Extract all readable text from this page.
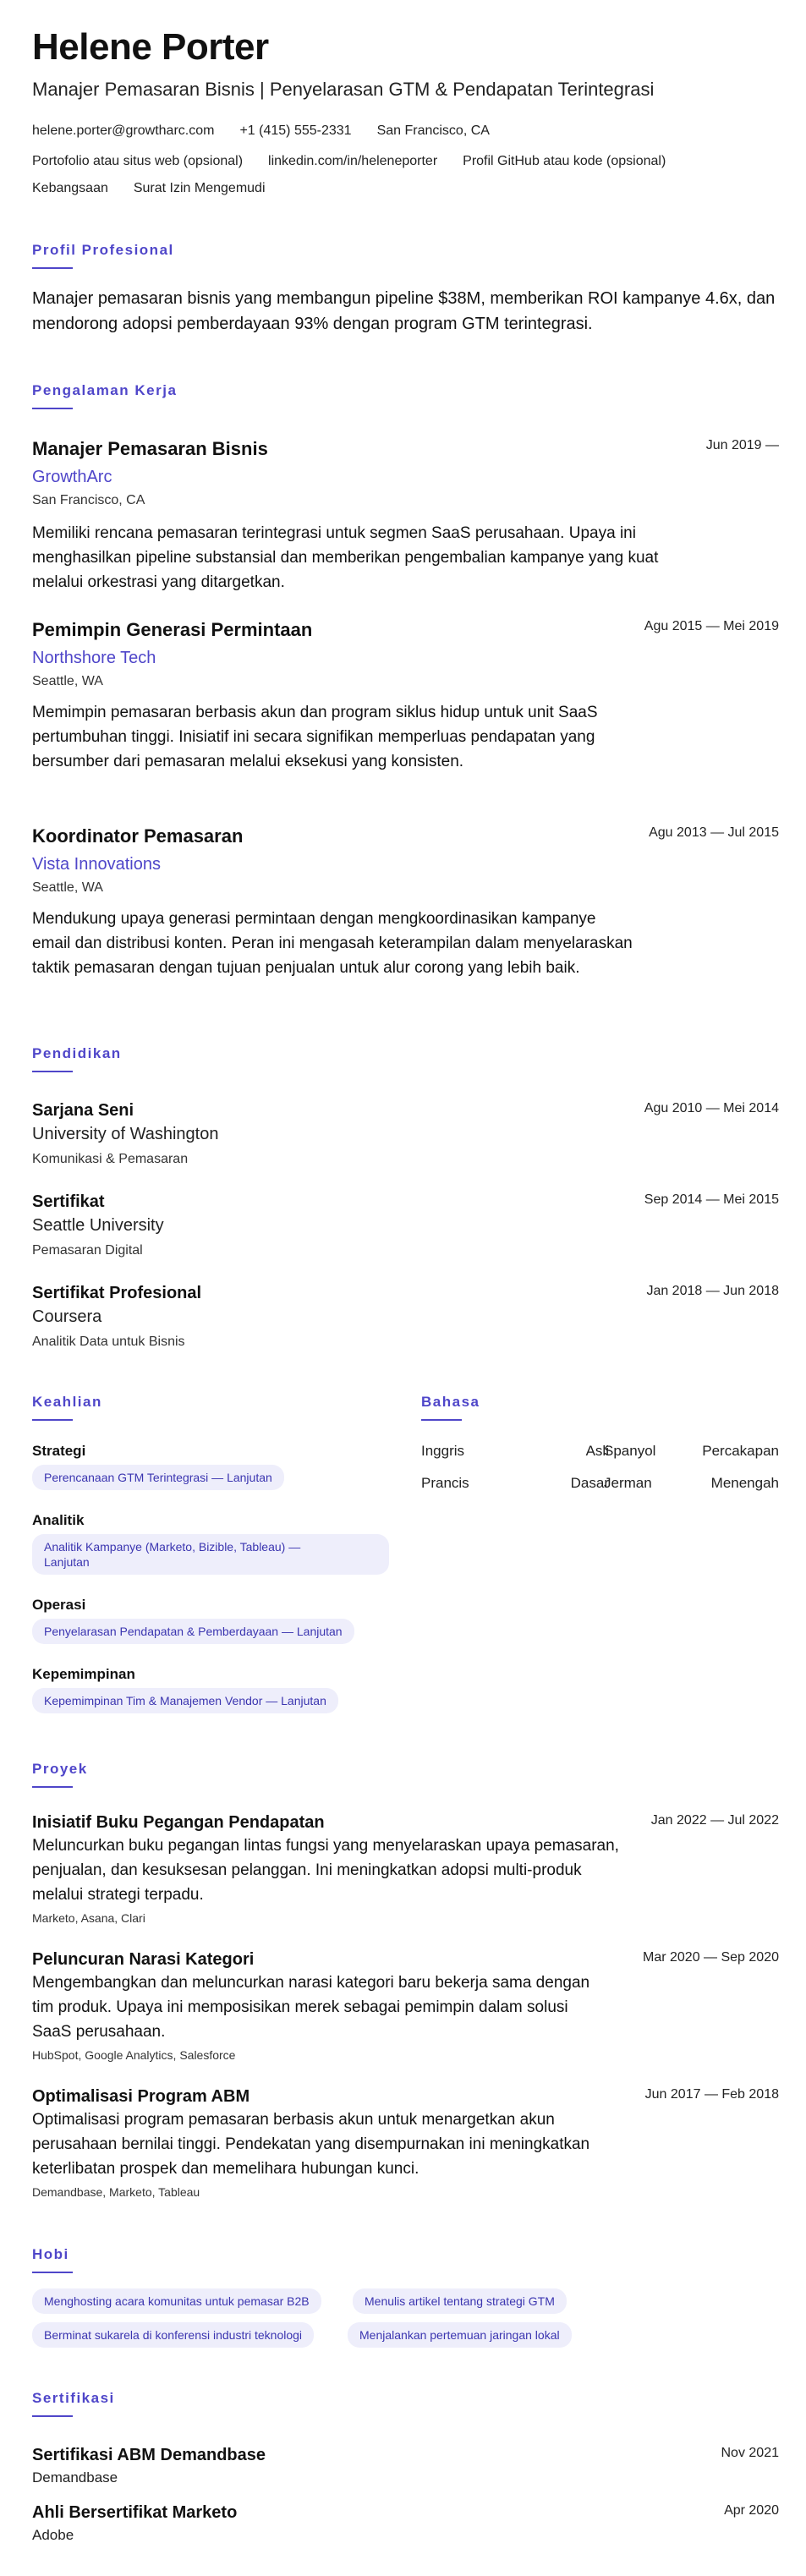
Helene Porter
Manajer Pemasaran Bisnis | Penyelarasan GTM & Pendapatan Terintegrasi
helene.porter@growtharc.com +1 (415) 555-2331 San Francisco, CA
Portofolio atau situs web (opsional) linkedin.com/in/heleneporter Profil GitHub atau kode (opsional)
Kebangsaan Surat Izin Mengemudi
Profil Profesional
Manajer pemasaran bisnis yang membangun pipeline $38M, memberikan ROI kampanye 4.6x, dan mendorong adopsi pemberdayaan 93% dengan program GTM terintegrasi.
Pengalaman Kerja
Manajer Pemasaran Bisnis	Jun 2019 —
GrowthArc
San Francisco, CA
Memiliki rencana pemasaran terintegrasi untuk segmen SaaS perusahaan. Upaya ini menghasilkan pipeline substansial dan memberikan pengembalian kampanye yang kuat melalui orkestrasi yang ditargetkan.
Pemimpin Generasi Permintaan	Agu 2015 — Mei 2019
Northshore Tech
Seattle, WA
Memimpin pemasaran berbasis akun dan program siklus hidup untuk unit SaaS pertumbuhan tinggi. Inisiatif ini secara signifikan memperluas pendapatan yang bersumber dari pemasaran melalui eksekusi yang konsisten.
Koordinator Pemasaran	Agu 2013 — Jul 2015
Vista Innovations
Seattle, WA
Mendukung upaya generasi permintaan dengan mengkoordinasikan kampanye email dan distribusi konten. Peran ini mengasah keterampilan dalam menyelaraskan taktik pemasaran dengan tujuan penjualan untuk alur corong yang lebih baik.
Pendidikan
Sarjana Seni	Agu 2010 — Mei 2014
University of Washington
Komunikasi & Pemasaran
Sertifikat	Sep 2014 — Mei 2015
Seattle University
Pemasaran Digital
Sertifikat Profesional	Jan 2018 — Jun 2018
Coursera
Analitik Data untuk Bisnis
Keahlian
Strategi
Perencanaan GTM Terintegrasi — Lanjutan
Analitik
Analitik Kampanye (Marketo, Bizible, Tableau) —
Lanjutan
Operasi
Penyelarasan Pendapatan & Pemberdayaan — Lanjutan
Kepemimpinan
Kepemimpinan Tim & Manajemen Vendor — Lanjutan
Bahasa
Inggris	Asli
Spanyol	Percakapan
Prancis	Dasar
Jerman	Menengah
Proyek
Inisiatif Buku Pegangan Pendapatan	Jan 2022 — Jul 2022
Meluncurkan buku pegangan lintas fungsi yang menyelaraskan upaya pemasaran, penjualan, dan kesuksesan pelanggan. Ini meningkatkan adopsi multi-produk melalui strategi terpadu.
Marketo, Asana, Clari
Peluncuran Narasi Kategori	Mar 2020 — Sep 2020
Mengembangkan dan meluncurkan narasi kategori baru bekerja sama dengan tim produk. Upaya ini memposisikan merek sebagai pemimpin dalam solusi SaaS perusahaan.
HubSpot, Google Analytics, Salesforce
Optimalisasi Program ABM	Jun 2017 — Feb 2018
Optimalisasi program pemasaran berbasis akun untuk menargetkan akun perusahaan bernilai tinggi. Pendekatan yang disempurnakan ini meningkatkan keterlibatan prospek dan memelihara hubungan kunci.
Demandbase, Marketo, Tableau
Hobi
Menghosting acara komunitas untuk pemasar B2B	Menulis artikel tentang strategi GTM
Berminat sukarela di konferensi industri teknologi	Menjalankan pertemuan jaringan lokal
Sertifikasi
Sertifikasi ABM Demandbase	Nov 2021
Demandbase
Ahli Bersertifikat Marketo	Apr 2020
Adobe
